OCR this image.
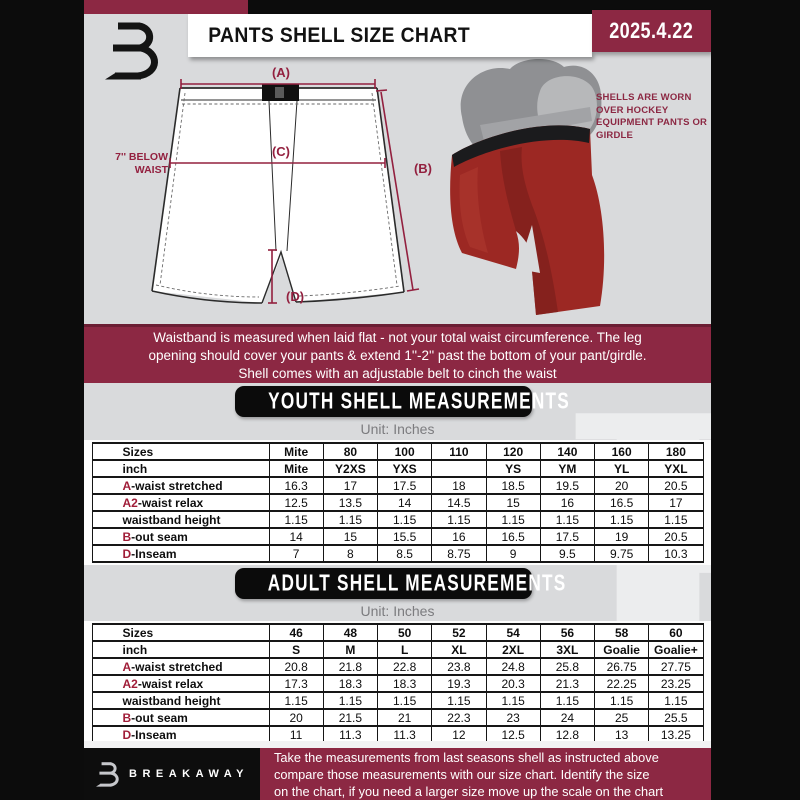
PANTS SHELL SIZE CHART	2025.4.22
(A)
(B)
(C)
(D)
7'' BELOW
WAIST
SHELLS ARE WORN OVER HOCKEY EQUIPMENT PANTS OR GIRDLE
Waistband is measured when laid flat - not your total waist circumference. The leg
opening should cover your pants & extend 1''-2'' past the bottom of your pant/girdle.
Shell comes with an adjustable belt to cinch the waist
YOUTH SHELL MEASUREMENTS
Unit: Inches
Sizes	Mite	80	100	110	120	140	160	180
inch	Mite	Y2XS	YXS		YS	YM	YL	YXL
A-waist stretched	16.3	17	17.5	18	18.5	19.5	20	20.5
A2-waist relax	12.5	13.5	14	14.5	15	16	16.5	17
waistband height	1.15	1.15	1.15	1.15	1.15	1.15	1.15	1.15
B-out seam	14	15	15.5	16	16.5	17.5	19	20.5
D-Inseam	7	8	8.5	8.75	9	9.5	9.75	10.3
ADULT SHELL MEASUREMENTS
Unit: Inches
Sizes	46	48	50	52	54	56	58	60
inch	S	M	L	XL	2XL	3XL	Goalie	Goalie+
A-waist stretched	20.8	21.8	22.8	23.8	24.8	25.8	26.75	27.75
A2-waist relax	17.3	18.3	18.3	19.3	20.3	21.3	22.25	23.25
waistband height	1.15	1.15	1.15	1.15	1.15	1.15	1.15	1.15
B-out seam	20	21.5	21	22.3	23	24	25	25.5
D-Inseam	11	11.3	11.3	12	12.5	12.8	13	13.25
BREAKAWAY
Take the measurements from last seasons shell as instructed above
compare those measurements with our size chart. Identify the size
on the chart, if you need a larger size move up the scale on the chart
